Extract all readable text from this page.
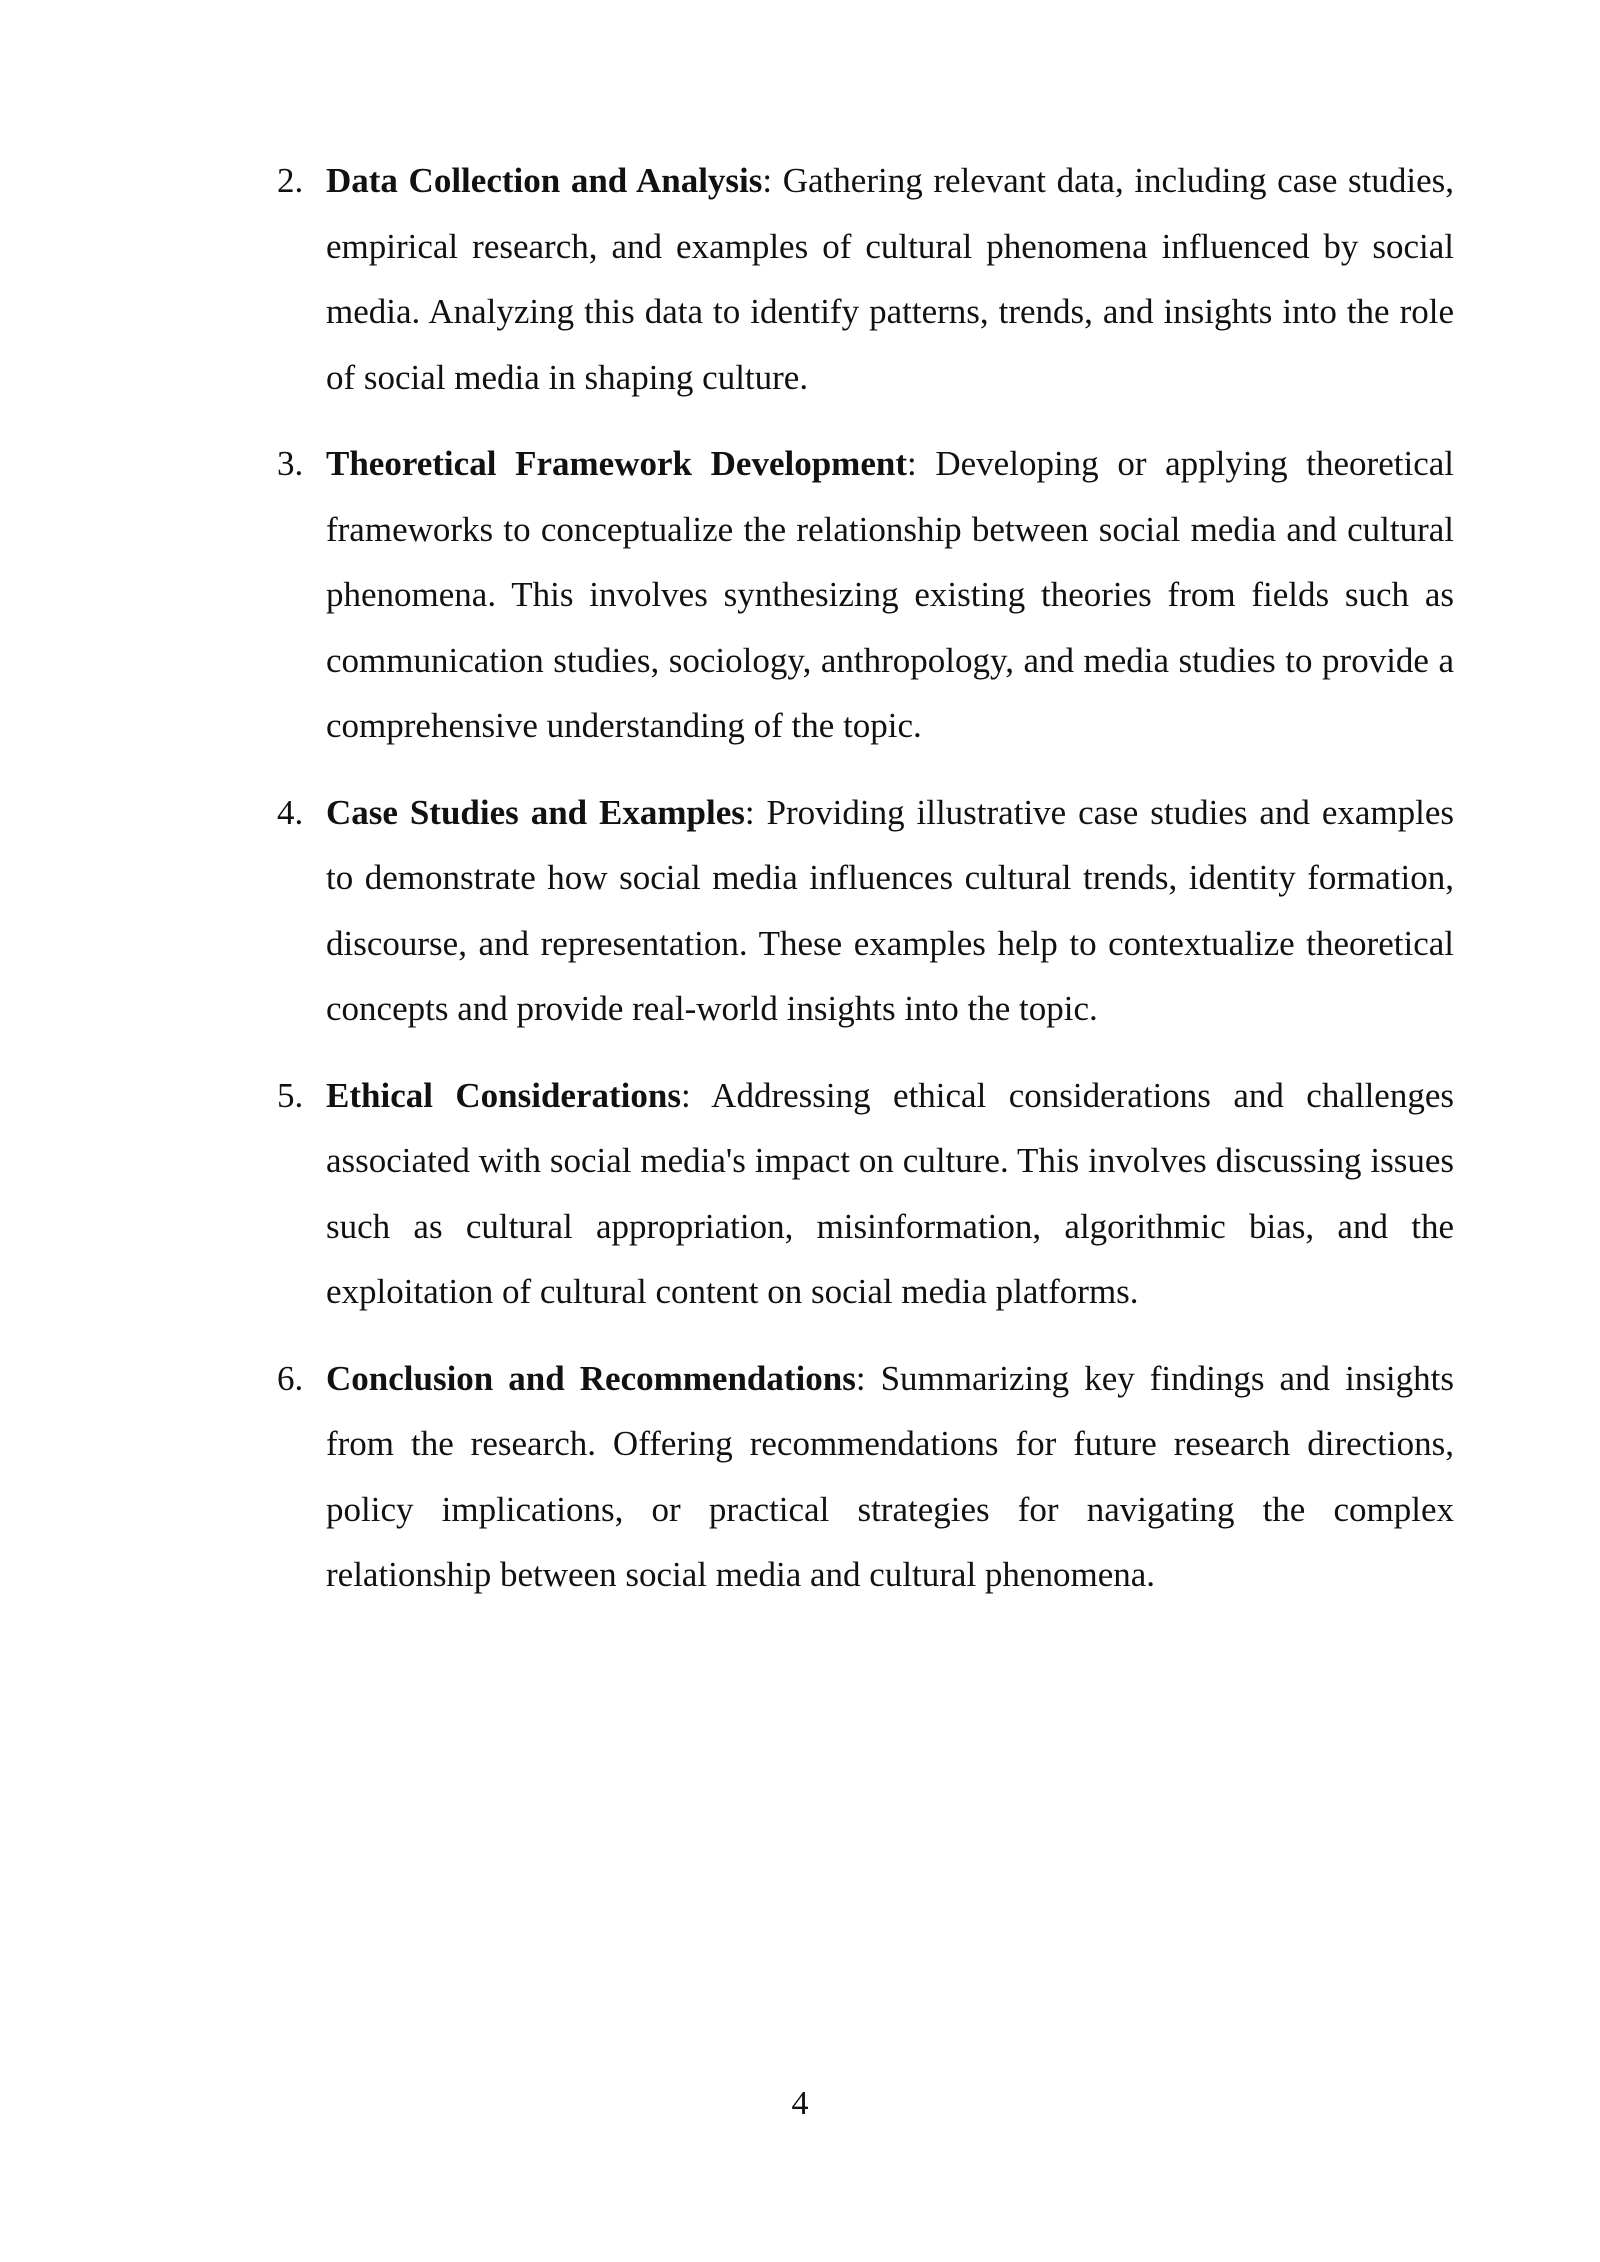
2. Data Collection and Analysis: Gathering relevant data, including case studies, empirical research, and examples of cultural phenomena influenced by social media. Analyzing this data to identify patterns, trends, and insights into the role of social media in shaping culture.
3. Theoretical Framework Development: Developing or applying theoretical frameworks to conceptualize the relationship between social media and cultural phenomena. This involves synthesizing existing theories from fields such as communication studies, sociology, anthropology, and media studies to provide a comprehensive understanding of the topic.
4. Case Studies and Examples: Providing illustrative case studies and examples to demonstrate how social media influences cultural trends, identity formation, discourse, and representation. These examples help to contextualize theoretical concepts and provide real-world insights into the topic.
5. Ethical Considerations: Addressing ethical considerations and challenges associated with social media's impact on culture. This involves discussing issues such as cultural appropriation, misinformation, algorithmic bias, and the exploitation of cultural content on social media platforms.
6. Conclusion and Recommendations: Summarizing key findings and insights from the research. Offering recommendations for future research directions, policy implications, or practical strategies for navigating the complex relationship between social media and cultural phenomena.
4
